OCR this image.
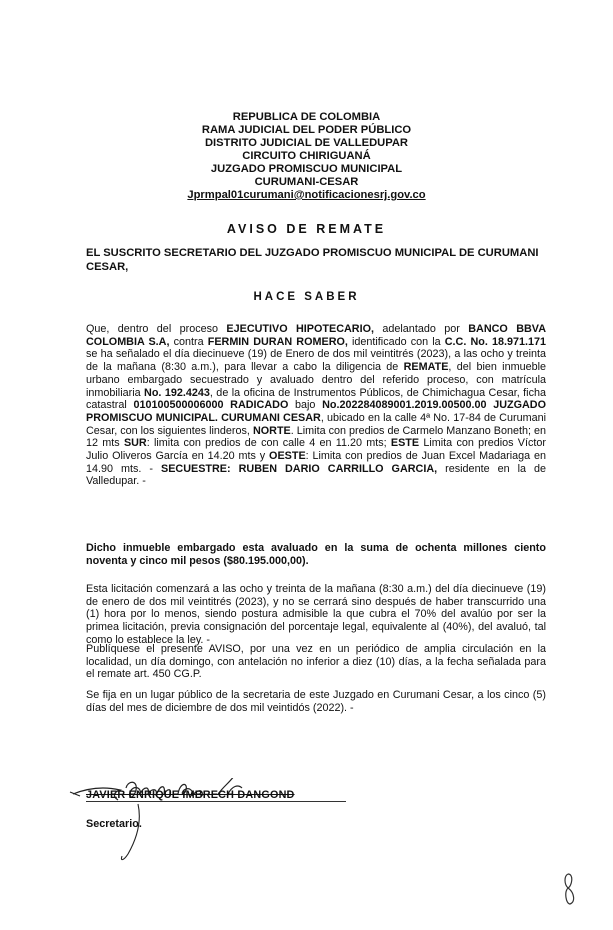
REPUBLICA DE COLOMBIA
RAMA JUDICIAL DEL PODER PÚBLICO
DISTRITO JUDICIAL DE VALLEDUPAR
CIRCUITO CHIRIGUANÁ
JUZGADO PROMISCUO MUNICIPAL
CURUMANI-CESAR
Jprmpal01curumani@notificacionesrj.gov.co
AVISO DE REMATE
EL SUSCRITO SECRETARIO DEL JUZGADO PROMISCUO MUNICIPAL DE CURUMANI CESAR,
HACE SABER
Que, dentro del proceso EJECUTIVO HIPOTECARIO, adelantado por BANCO BBVA COLOMBIA S.A, contra FERMIN DURAN ROMERO, identificado con la C.C. No. 18.971.171 se ha señalado el día diecinueve (19) de Enero de dos mil veintitrés (2023), a las ocho y treinta de la mañana (8:30 a.m.), para llevar a cabo la diligencia de REMATE, del bien inmueble urbano embargado secuestrado y avaluado dentro del referido proceso, con matrícula inmobiliaria No. 192.4243, de la oficina de Instrumentos Públicos, de Chimichagua Cesar, ficha catastral 010100500006000 RADICADO bajo No.202284089001.2019.00500.00 JUZGADO PROMISCUO MUNICIPAL. CURUMANI CESAR, ubicado en la calle 4ª No. 17-84 de Curumani Cesar, con los siguientes linderos, NORTE. Limita con predios de Carmelo Manzano Boneth; en 12 mts SUR: limita con predios de con calle 4 en 11.20 mts; ESTE Limita con predios Víctor Julio Oliveros García en 14.20 mts y OESTE: Limita con predios de Juan Excel Madariaga en 14.90 mts. - SECUESTRE: RUBEN DARIO CARRILLO GARCIA, residente en la de Valledupar. -
Dicho inmueble embargado esta avaluado en la suma de ochenta millones ciento noventa y cinco mil pesos ($80.195.000,00).
Esta licitación comenzará a las ocho y treinta de la mañana (8:30 a.m.) del día diecinueve (19) de enero de dos mil veintitrés (2023), y no se cerrará sino después de haber transcurrido una (1) hora por lo menos, siendo postura admisible la que cubra el 70% del avalúo por ser la primea licitación, previa consignación del porcentaje legal, equivalente al (40%), del avaluó, tal como lo establece la ley. -
Publíquese el presente AVISO, por una vez en un periódico de amplia circulación en la localidad, un día domingo, con antelación no inferior a diez (10) días, a la fecha señalada para el remate art. 450 CG.P.
Se fija en un lugar público de la secretaria de este Juzgado en Curumani Cesar, a los cinco (5) días del mes de diciembre de dos mil veintidós (2022). -
JAVIER ENRIQUE IMBRECH DANGOND
Secretario.
